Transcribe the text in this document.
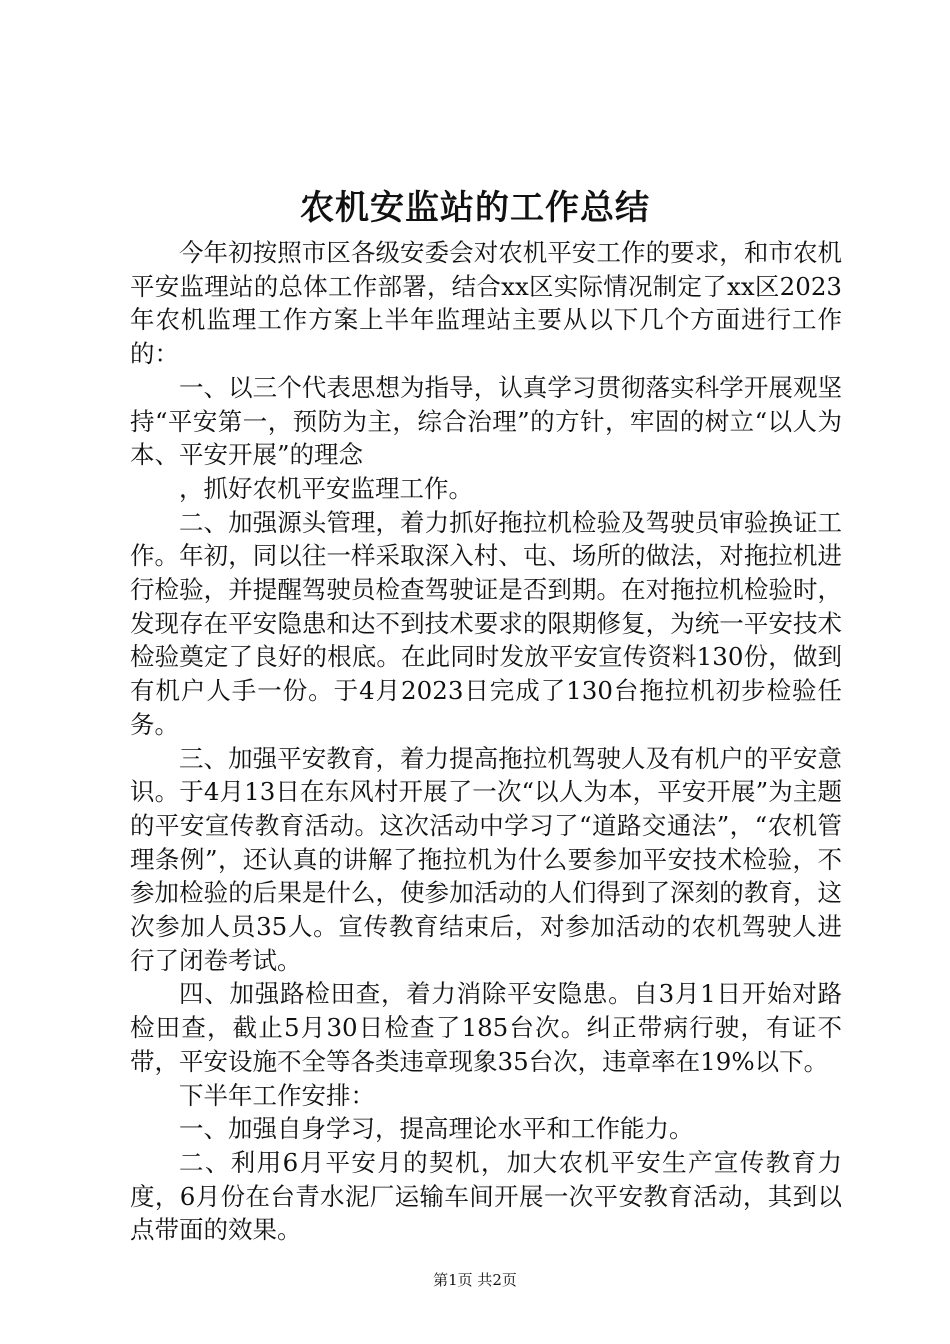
农机安监站的工作总结

今年初按照市区各级安委会对农机平安工作的要求，和市农机平安监理站的总体工作部署，结合xx区实际情况制定了xx区2023年农机监理工作方案上半年监理站主要从以下几个方面进行工作的：

一、以三个代表思想为指导，认真学习贯彻落实科学开展观坚持“平安第一，预防为主，综合治理”的方针，牢固的树立“以人为本、平安开展”的理念

，抓好农机平安监理工作。

二、加强源头管理，着力抓好拖拉机检验及驾驶员审验换证工作。年初，同以往一样采取深入村、屯、场所的做法，对拖拉机进行检验，并提醒驾驶员检查驾驶证是否到期。在对拖拉机检验时，发现存在平安隐患和达不到技术要求的限期修复，为统一平安技术检验奠定了良好的根底。在此同时发放平安宣传资料130份，做到有机户人手一份。于4月2023日完成了130台拖拉机初步检验任务。

三、加强平安教育，着力提高拖拉机驾驶人及有机户的平安意识。于4月13日在东风村开展了一次“以人为本，平安开展”为主题的平安宣传教育活动。这次活动中学习了“道路交通法”，“农机管理条例”，还认真的讲解了拖拉机为什么要参加平安技术检验，不参加检验的后果是什么，使参加活动的人们得到了深刻的教育，这次参加人员35人。宣传教育结束后，对参加活动的农机驾驶人进行了闭卷考试。

四、加强路检田查，着力消除平安隐患。自3月1日开始对路检田查，截止5月30日检查了185台次。纠正带病行驶，有证不带，平安设施不全等各类违章现象35台次，违章率在19%以下。

下半年工作安排：

一、加强自身学习，提高理论水平和工作能力。

二、利用6月平安月的契机，加大农机平安生产宣传教育力度，6月份在台青水泥厂运输车间开展一次平安教育活动，其到以点带面的效果。

第1页 共2页
